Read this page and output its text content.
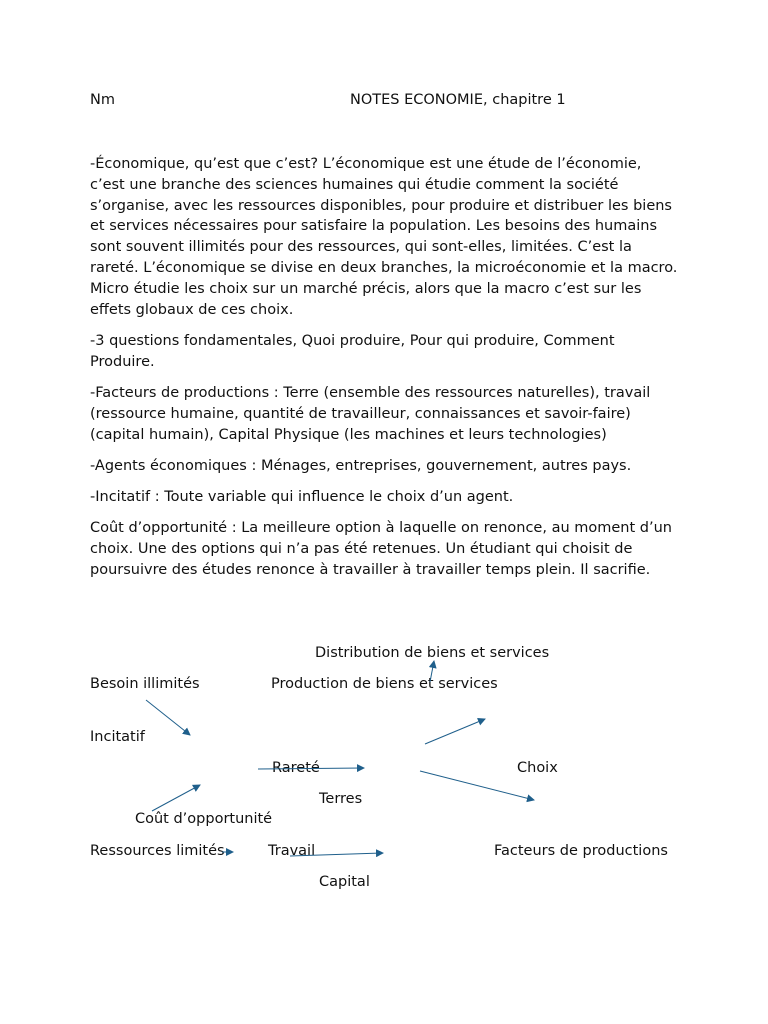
Nm	NOTES ECONOMIE, chapitre 1

-Économique, qu’est que c’est? L’économique est une étude de l’économie, c’est une branche des sciences humaines qui étudie comment la société s’organise, avec les ressources disponibles, pour produire et distribuer les biens et services nécessaires pour satisfaire la population. Les besoins des humains sont souvent illimités pour des ressources, qui sont-elles, limitées. C’est la rareté. L’économique se divise en deux branches, la microéconomie et la macro. Micro étudie les choix sur un marché précis, alors que la macro c’est sur les effets globaux de ces choix.

-3 questions fondamentales, Quoi produire, Pour qui produire, Comment Produire.

-Facteurs de productions : Terre (ensemble des ressources naturelles), travail (ressource humaine, quantité de travailleur, connaissances et savoir-faire) (capital humain), Capital Physique (les machines et leurs technologies)

-Agents économiques : Ménages, entreprises, gouvernement, autres pays.

-Incitatif : Toute variable qui influence le choix d’un agent.

Coût d’opportunité : La meilleure option à laquelle on renonce, au moment d’un choix. Une des options qui n’a pas été retenues. Un étudiant qui choisit de poursuivre des études renonce à travailler à travailler temps plein. Il sacrifie.

Distribution de biens et services
Besoin illimités	Production de biens et services
Incitatif
Rareté	Choix
Terres
Coût d’opportunité
Ressources limités	Travail	Facteurs de productions
Capital
